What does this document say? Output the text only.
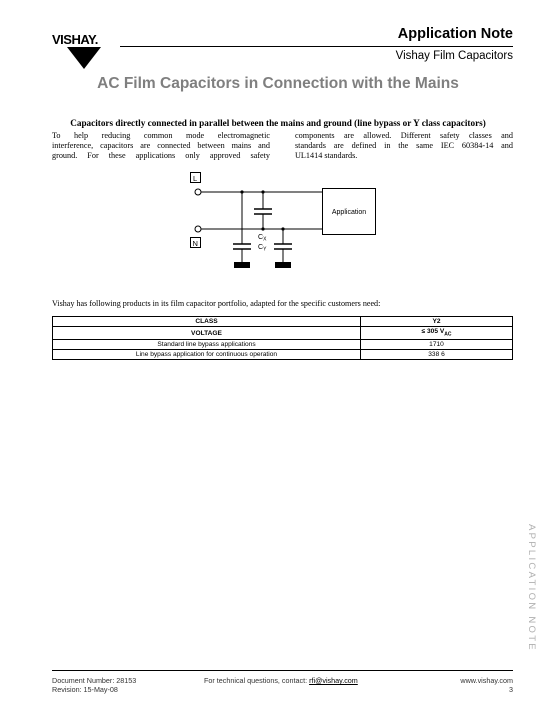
VISHAY.	Application Note
Vishay Film Capacitors
AC Film Capacitors in Connection with the Mains
Capacitors directly connected in parallel between the mains and ground (line bypass or Y class capacitors)
To help reducing common mode electromagnetic
interference, capacitors are connected between mains and
ground. For these applications only approved safety
components are allowed. Different safety classes and
standards are defined in the same IEC 60384-14 and
UL1414 standards.
L
N
Application
$C_X$
$C_Y$
Vishay has following products in its film capacitor portfolio, adapted for the specific customers need:
CLASS	Y2
VOLTAGE	≤ 305 $V_{AC}$
Standard line bypass applications	1710
Line bypass application for continuous operation	338 6
APPLICATION NOTE
Document Number: 28153
Revision: 15-May-08
For technical questions, contact: rfi@vishay.com	www.vishay.com
3
